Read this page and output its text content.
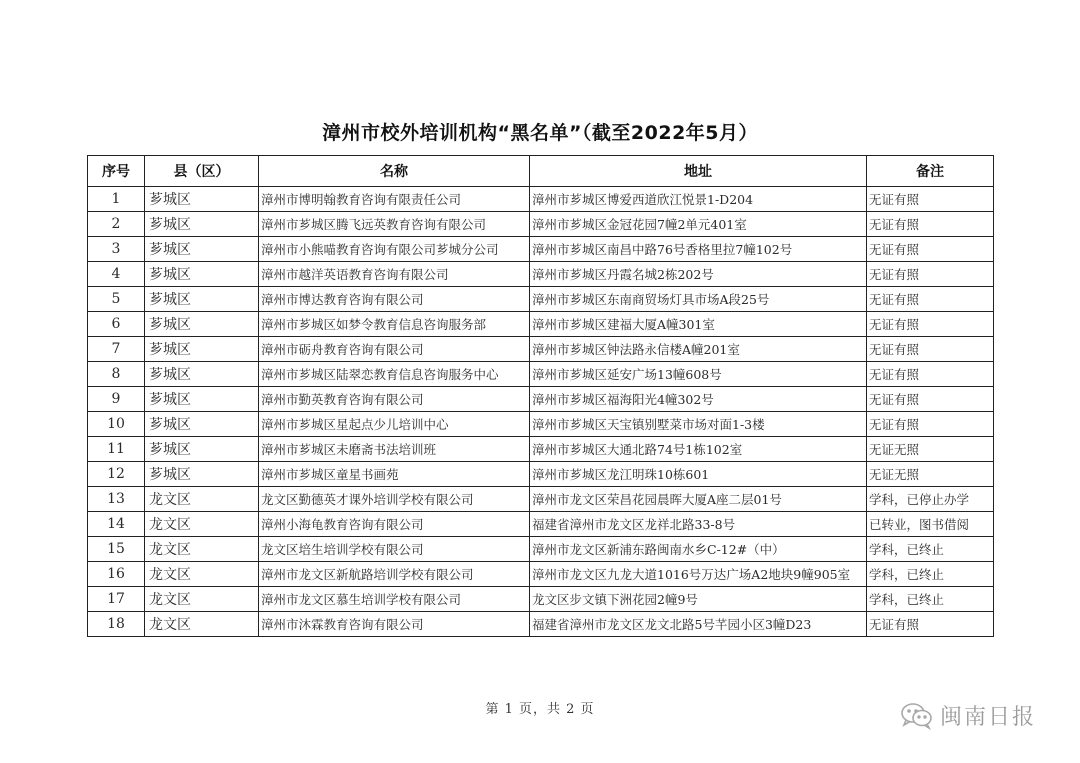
漳州市校外培训机构“黑名单”（截至2022年5月）
序号	县（区）	名称	地址	备注
1	芗城区	漳州市博明翰教育咨询有限责任公司	漳州市芗城区博爱西道欣江悦景1-D204	无证有照
2	芗城区	漳州市芗城区腾飞远英教育咨询有限公司	漳州市芗城区金冠花园7幢2单元401室	无证有照
3	芗城区	漳州市小熊喵教育咨询有限公司芗城分公司	漳州市芗城区南昌中路76号香格里拉7幢102号	无证有照
4	芗城区	漳州市越洋英语教育咨询有限公司	漳州市芗城区丹霞名城2栋202号	无证有照
5	芗城区	漳州市博达教育咨询有限公司	漳州市芗城区东南商贸场灯具市场A段25号	无证有照
6	芗城区	漳州市芗城区如梦令教育信息咨询服务部	漳州市芗城区建福大厦A幢301室	无证有照
7	芗城区	漳州市砺舟教育咨询有限公司	漳州市芗城区钟法路永信楼A幢201室	无证有照
8	芗城区	漳州市芗城区陆翠恋教育信息咨询服务中心	漳州市芗城区延安广场13幢608号	无证有照
9	芗城区	漳州市勤英教育咨询有限公司	漳州市芗城区福海阳光4幢302号	无证有照
10	芗城区	漳州市芗城区星起点少儿培训中心	漳州市芗城区天宝镇别墅菜市场对面1-3楼	无证有照
11	芗城区	漳州市芗城区未磨斋书法培训班	漳州市芗城区大通北路74号1栋102室	无证无照
12	芗城区	漳州市芗城区童星书画苑	漳州市芗城区龙江明珠10栋601	无证无照
13	龙文区	龙文区勤德英才课外培训学校有限公司	漳州市龙文区荣昌花园晨晖大厦A座二层01号	学科，已停止办学
14	龙文区	漳州小海龟教育咨询有限公司	福建省漳州市龙文区龙祥北路33-8号	已转业，图书借阅
15	龙文区	龙文区培生培训学校有限公司	漳州市龙文区新浦东路闽南水乡C-12#（中）	学科，已终止
16	龙文区	漳州市龙文区新航路培训学校有限公司	漳州市龙文区九龙大道1016号万达广场A2地块9幢905室	学科，已终止
17	龙文区	漳州市龙文区慕生培训学校有限公司	龙文区步文镇下洲花园2幢9号	学科，已终止
18	龙文区	漳州市沐霖教育咨询有限公司	福建省漳州市龙文区龙文北路5号芊园小区3幢D23	无证有照
第 1 页，共 2 页	闽南日报
